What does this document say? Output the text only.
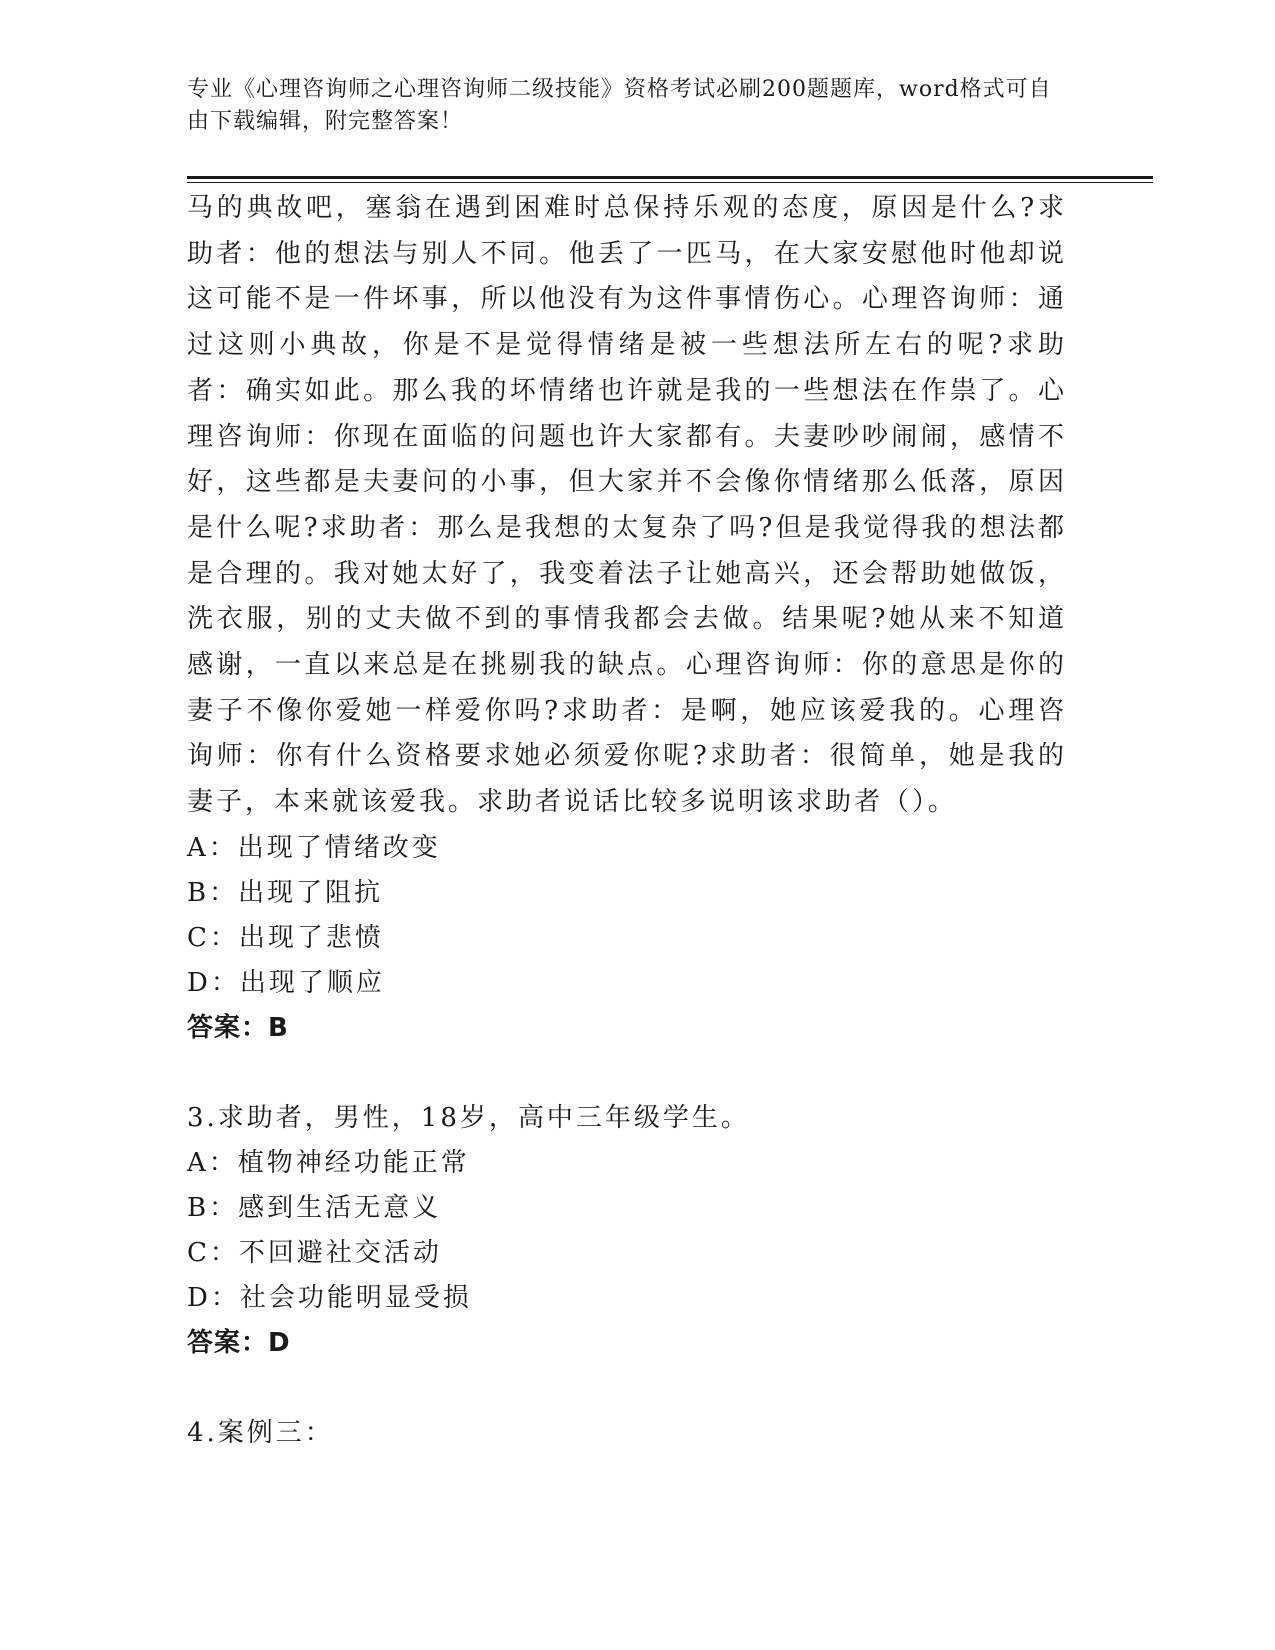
专业《心理咨询师之心理咨询师二级技能》资格考试必刷200题题库，word格式可自由下载编辑，附完整答案！
马的典故吧，塞翁在遇到困难时总保持乐观的态度，原因是什么?求助者：他的想法与别人不同。他丢了一匹马，在大家安慰他时他却说这可能不是一件坏事，所以他没有为这件事情伤心。心理咨询师：通过这则小典故，你是不是觉得情绪是被一些想法所左右的呢?求助者：确实如此。那么我的坏情绪也许就是我的一些想法在作祟了。心理咨询师：你现在面临的问题也许大家都有。夫妻吵吵闹闹，感情不好，这些都是夫妻问的小事，但大家并不会像你情绪那么低落，原因是什么呢?求助者：那么是我想的太复杂了吗?但是我觉得我的想法都是合理的。我对她太好了，我变着法子让她高兴，还会帮助她做饭，洗衣服，别的丈夫做不到的事情我都会去做。结果呢?她从来不知道感谢，一直以来总是在挑剔我的缺点。心理咨询师：你的意思是你的妻子不像你爱她一样爱你吗?求助者：是啊，她应该爱我的。心理咨询师：你有什么资格要求她必须爱你呢?求助者：很简单，她是我的妻子，本来就该爱我。求助者说话比较多说明该求助者（）。
A：出现了情绪改变
B：出现了阻抗
C：出现了悲愤
D：出现了顺应
答案：B
3.求助者，男性，18岁，高中三年级学生。
A：植物神经功能正常
B：感到生活无意义
C：不回避社交活动
D：社会功能明显受损
答案：D
4.案例三：
